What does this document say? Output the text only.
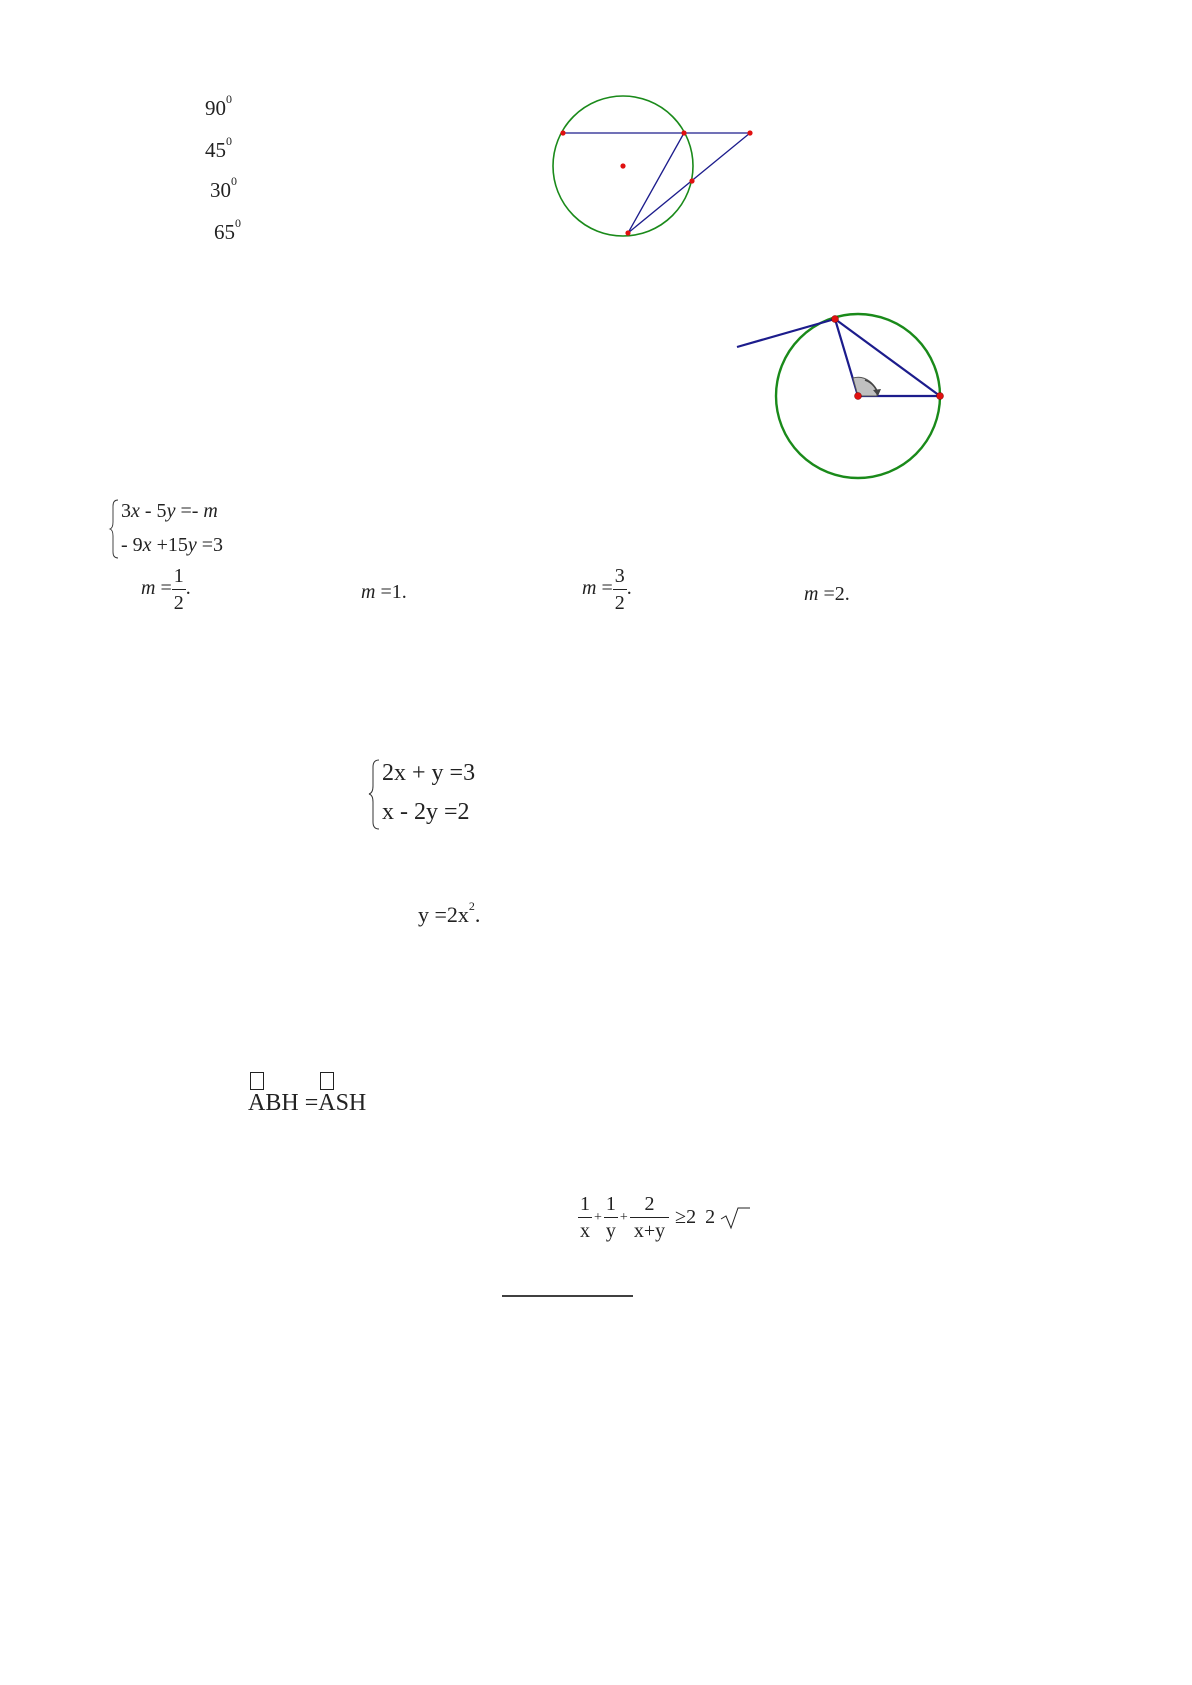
$90^0$
$45^0$
$30^0$
$65^0$
3x - 5y =- m
- 9x +15y =3
$m = \frac{1}{2}$ .	m =1.	$m = \frac{3}{2}$ .	m =2.
2x + y =3
x - 2y =2
$y =2x^2$.
ABH =ASH
$\frac{1}{x} + \frac{1}{y} + \frac{2}{x+y} \ge 2$ 2
